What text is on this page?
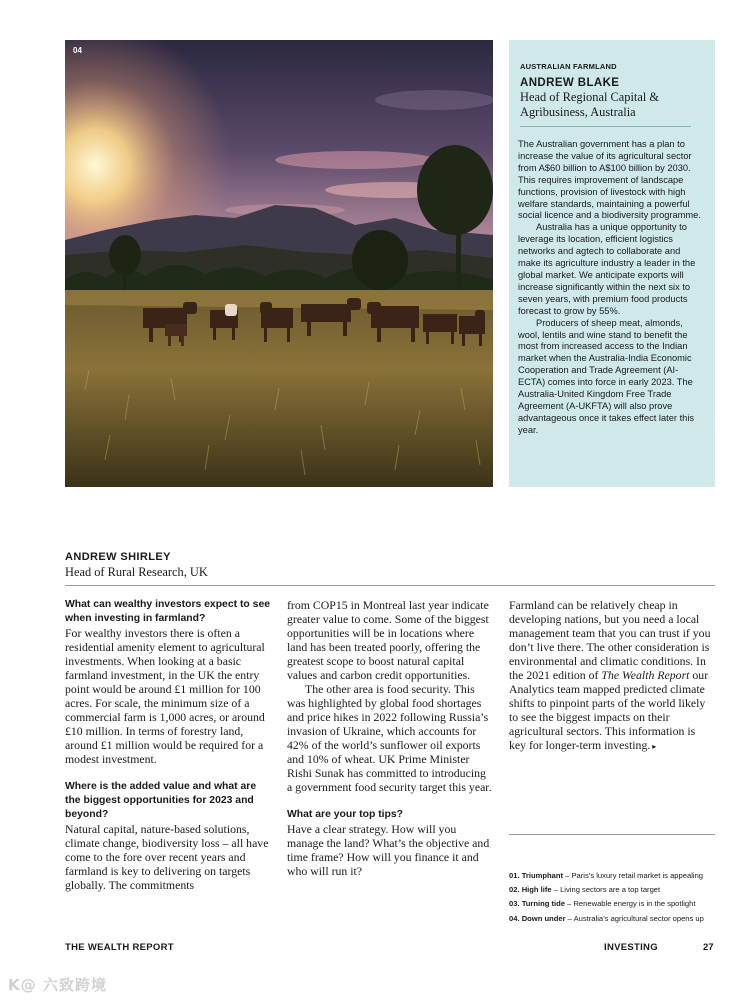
04
AUSTRALIAN FARMLAND
ANDREW BLAKE
Head of Regional Capital &
Agribusiness, Australia

The Australian government has a plan to increase the value of its agricultural sector from A$60 billion to A$100 billion by 2030. This requires improvement of landscape functions, provision of livestock with high welfare standards, maintaining a powerful social licence and a biodiversity programme.

Australia has a unique opportunity to leverage its location, efficient logistics networks and agtech to collaborate and make its agriculture industry a leader in the global market. We anticipate exports will increase significantly within the next six to seven years, with premium food products forecast to grow by 55%.

Producers of sheep meat, almonds, wool, lentils and wine stand to benefit the most from increased access to the Indian market when the Australia-India Economic Cooperation and Trade Agreement (AI-ECTA) comes into force in early 2023. The Australia-United Kingdom Free Trade Agreement (A-UKFTA) will also prove advantageous once it takes effect later this year.

ANDREW SHIRLEY
Head of Rural Research, UK
What can wealthy investors expect to see when investing in farmland?
For wealthy investors there is often a residential amenity element to agricultural investments. When looking at a basic farmland investment, in the UK the entry point would be around £1 million for 100 acres. For scale, the minimum size of a commercial farm is 1,000 acres, or around £10 million. In terms of forestry land, around £1 million would be required for a modest investment.
Where is the added value and what are the biggest opportunities for 2023 and beyond?
Natural capital, nature-based solutions, climate change, biodiversity loss – all have come to the fore over recent years and farmland is key to delivering on targets globally. The commitments
from COP15 in Montreal last year indicate greater value to come. Some of the biggest opportunities will be in locations where land has been treated poorly, offering the greatest scope to boost natural capital values and carbon credit opportunities.
The other area is food security. This was highlighted by global food shortages and price hikes in 2022 following Russia’s invasion of Ukraine, which accounts for 42% of the world’s sunflower oil exports and 10% of wheat. UK Prime Minister Rishi Sunak has committed to introducing a government food security target this year.
What are your top tips?
Have a clear strategy. How will you manage the land? What’s the objective and time frame? How will you finance it and who will run it?
Farmland can be relatively cheap in developing nations, but you need a local management team that you can trust if you don’t live there. The other consideration is environmental and climatic conditions. In the 2021 edition of The Wealth Report our Analytics team mapped predicted climate shifts to pinpoint parts of the world likely to see the biggest impacts on their agricultural sectors. This information is key for longer-term investing. ▸
01. Triumphant – Paris’s luxury retail market is appealing
02. High life – Living sectors are a top target
03. Turning tide – Renewable energy is in the spotlight
04. Down under – Australia’s agricultural sector opens up
THE WEALTH REPORT	INVESTING	27
K@ 六致跨境
